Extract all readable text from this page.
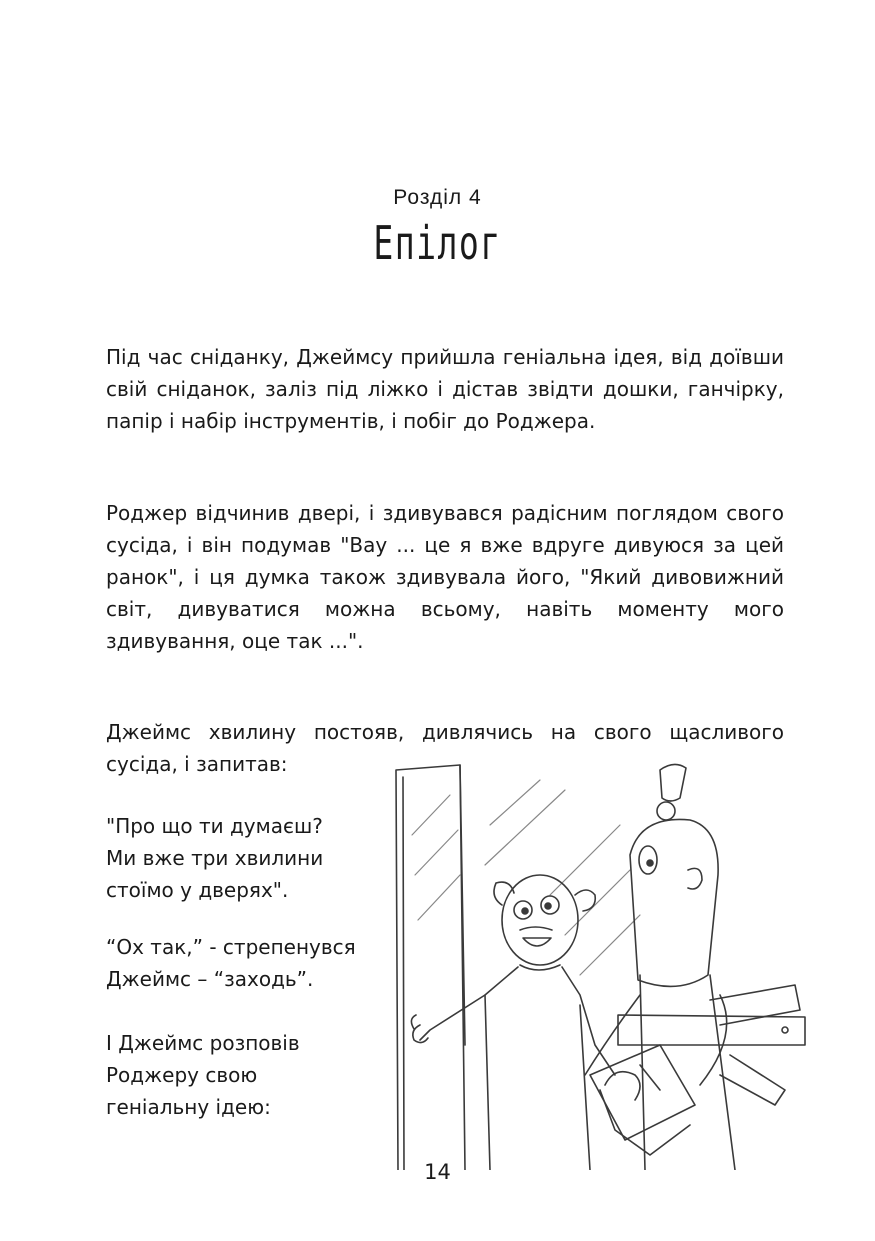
Розділ 4
Епілог
Під час сніданку, Джеймсу прийшла геніальна ідея, від доївши свій сніданок, заліз під ліжко і дістав звідти дошки, ганчірку, папір і набір інструментів, і побіг до Роджера.
Роджер відчинив двері, і здивувався радісним поглядом свого сусіда, і він подумав "Вау ... це я вже вдруге дивуюся за цей ранок", і ця думка також здивувала його, "Який дивовижний світ, дивуватися можна всьому, навіть моменту мого здивування, оце так ...".
Джеймс хвилину постояв, дивлячись на свого щасливого сусіда, і запитав:
"Про що ти думаєш?
Ми вже три хвилини
стоїмо у дверях".
“Ох так,” - стрепенувся
Джеймс – “заходь”.
І Джеймс розповів
Роджеру свою
геніальну ідею:
14
